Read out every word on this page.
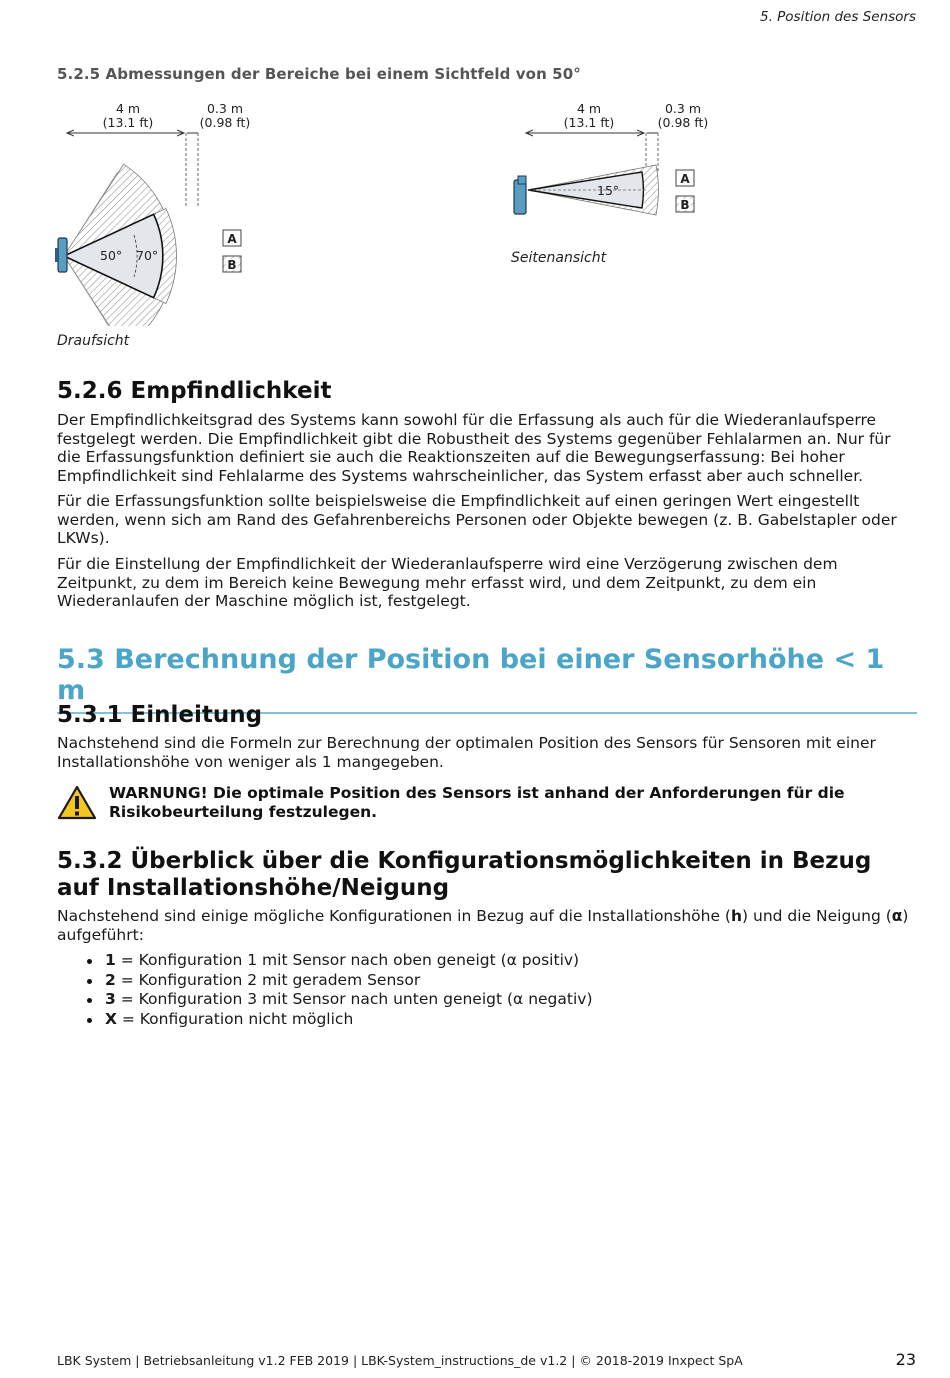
5. Position des Sensors
5.2.5 Abmessungen der Bereiche bei einem Sichtfeld von 50°
4 m
(13.1 ft)
0.3 m
(0.98 ft)
50° 70°
A
B
Draufsicht
4 m
(13.1 ft)
0.3 m
(0.98 ft)
15°
A
B
Seitenansicht
5.2.6 Empfindlichkeit
Der Empfindlichkeitsgrad des Systems kann sowohl für die Erfassung als auch für die Wiederanlaufsperre festgelegt werden. Die Empfindlichkeit gibt die Robustheit des Systems gegenüber Fehlalarmen an. Nur für die Erfassungsfunktion definiert sie auch die Reaktionszeiten auf die Bewegungserfassung: Bei hoher Empfindlichkeit sind Fehlalarme des Systems wahrscheinlicher, das System erfasst aber auch schneller.
Für die Erfassungsfunktion sollte beispielsweise die Empfindlichkeit auf einen geringen Wert eingestellt werden, wenn sich am Rand des Gefahrenbereichs Personen oder Objekte bewegen (z. B. Gabelstapler oder LKWs).
Für die Einstellung der Empfindlichkeit der Wiederanlaufsperre wird eine Verzögerung zwischen dem Zeitpunkt, zu dem im Bereich keine Bewegung mehr erfasst wird, und dem Zeitpunkt, zu dem ein Wiederanlaufen der Maschine möglich ist, festgelegt.
5.3 Berechnung der Position bei einer Sensorhöhe < 1 m
5.3.1 Einleitung
Nachstehend sind die Formeln zur Berechnung der optimalen Position des Sensors für Sensoren mit einer Installationshöhe von weniger als 1 mangegeben.
WARNUNG! Die optimale Position des Sensors ist anhand der Anforderungen für die Risikobeurteilung festzulegen.
5.3.2 Überblick über die Konfigurationsmöglichkeiten in Bezug auf Installationshöhe/Neigung
Nachstehend sind einige mögliche Konfigurationen in Bezug auf die Installationshöhe (h) und die Neigung (α) aufgeführt:
1 = Konfiguration 1 mit Sensor nach oben geneigt (α positiv)
2 = Konfiguration 2 mit geradem Sensor
3 = Konfiguration 3 mit Sensor nach unten geneigt (α negativ)
X = Konfiguration nicht möglich
LBK System | Betriebsanleitung v1.2 FEB 2019 | LBK-System_instructions_de v1.2 | © 2018-2019 Inxpect SpA	23
